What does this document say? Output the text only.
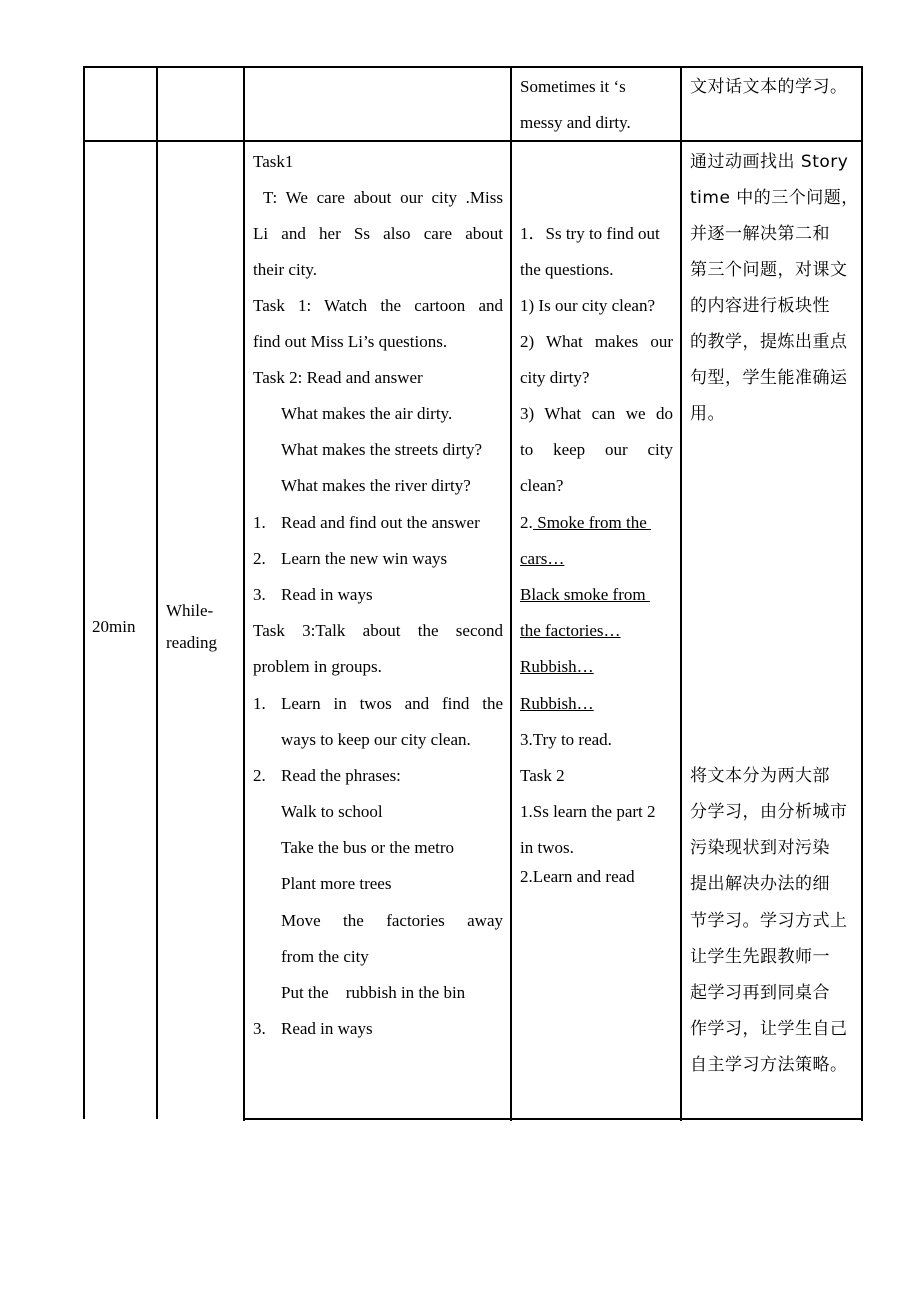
Sometimes it ‘s
messy and dirty.
文对话文本的学习。
20min
While-
reading
Task1
T: We care about our city .Miss
Li and her Ss also care about
their city.
Task 1: Watch the cartoon and
find out Miss Li’s questions.
Task 2: Read and answer
What makes the air dirty.
What makes the streets dirty?
What makes the river dirty?
1. Read and find out the answer
2. Learn the new win ways
3. Read in ways
Task 3:Talk about the second
problem in groups.
1. Learn in twos and find the
ways to keep our city clean.
2. Read the phrases:
Walk to school
Take the bus or the metro
Plant more trees
Move the factories away
from the city
Put the    rubbish in the bin
3. Read in ways
1．Ss try to find out
the questions.
1) Is our city clean?
2) What makes our
city dirty?
3) What can we do
to keep our city
clean?
2. Smoke from the
cars…
Black smoke from
the factories…
Rubbish…
Rubbish…
3.Try to read.
Task 2
1.Ss learn the part 2
in twos.
2.Learn and read
通过动画找出 Story
time 中的三个问题，
并逐一解决第二和
第三个问题，对课文
的内容进行板块性
的教学，提炼出重点
句型，学生能准确运
用。
将文本分为两大部
分学习，由分析城市
污染现状到对污染
提出解决办法的细
节学习。学习方式上
让学生先跟教师一
起学习再到同桌合
作学习，让学生自己
自主学习方法策略。
